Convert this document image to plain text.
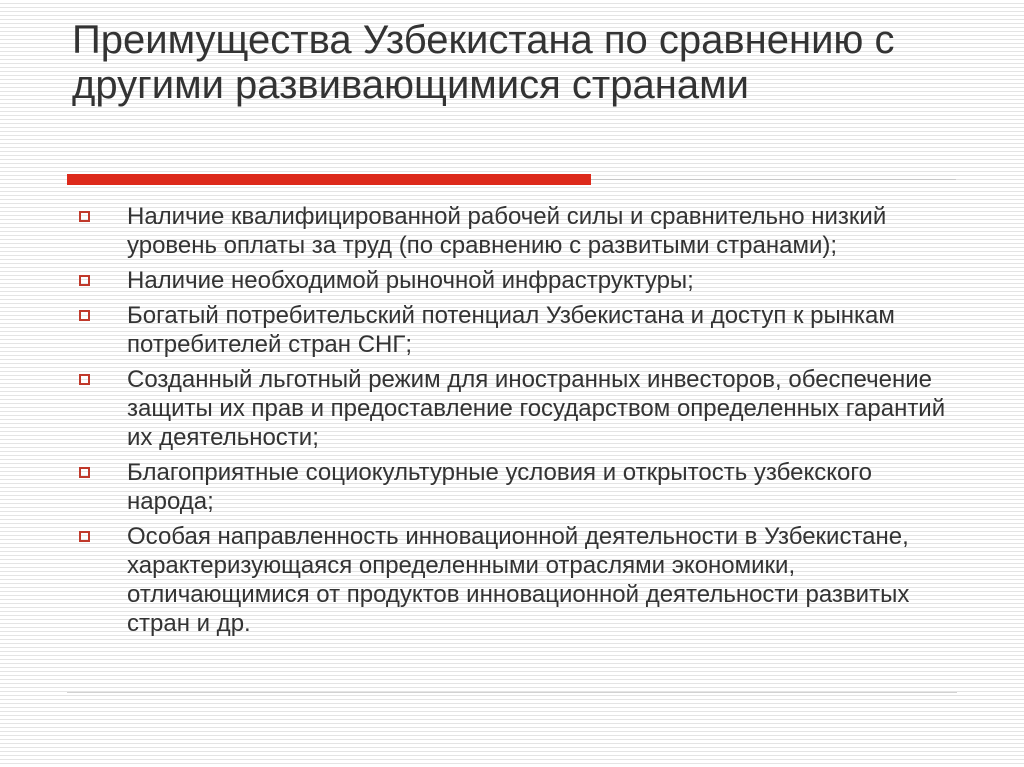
Преимущества Узбекистана по сравнению с другими развивающимися странами
Наличие квалифицированной рабочей силы и сравнительно низкий уровень оплаты за труд (по сравнению с развитыми странами);
Наличие необходимой рыночной инфраструктуры;
Богатый потребительский потенциал Узбекистана и доступ к рынкам потребителей стран СНГ;
Созданный льготный режим для иностранных инвесторов, обеспечение защиты их прав и предоставление государством определенных гарантий их деятельности;
Благоприятные социокультурные условия и открытость узбекского народа;
Особая направленность инновационной деятельности в Узбекистане, характеризующаяся определенными отраслями экономики, отличающимися от продуктов инновационной деятельности развитых стран и др.
